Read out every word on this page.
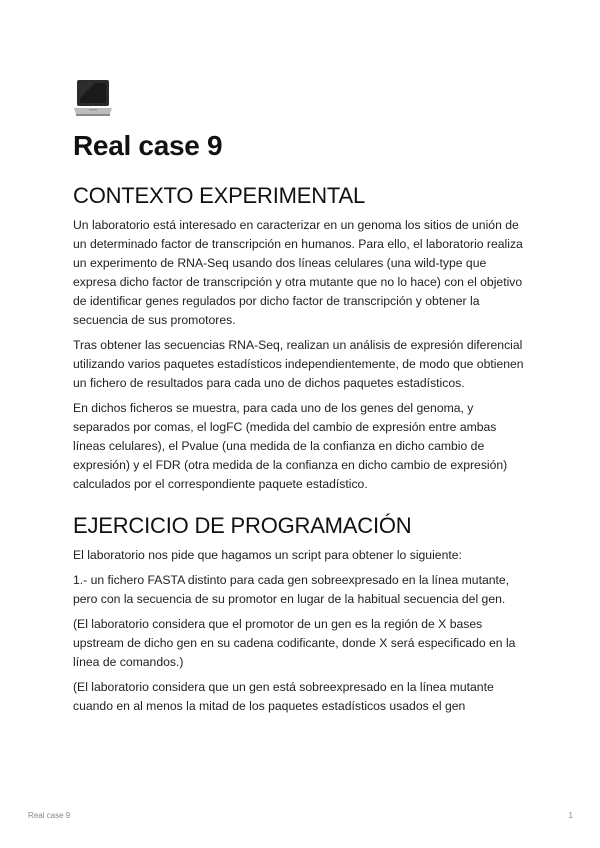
Real case 9
CONTEXTO EXPERIMENTAL

Un laboratorio está interesado en caracterizar en un genoma los sitios de unión de un determinado factor de transcripción en humanos. Para ello, el laboratorio realiza un experimento de RNA-Seq usando dos líneas celulares (una wild-type que expresa dicho factor de transcripción y otra mutante que no lo hace) con el objetivo de identificar genes regulados por dicho factor de transcripción y obtener la secuencia de sus promotores.

Tras obtener las secuencias RNA-Seq, realizan un análisis de expresión diferencial utilizando varios paquetes estadísticos independientemente, de modo que obtienen un fichero de resultados para cada uno de dichos paquetes estadísticos.

En dichos ficheros se muestra, para cada uno de los genes del genoma, y separados por comas, el logFC (medida del cambio de expresión entre ambas líneas celulares), el Pvalue (una medida de la confianza en dicho cambio de expresión) y el FDR (otra medida de la confianza en dicho cambio de expresión) calculados por el correspondiente paquete estadístico.

EJERCICIO DE PROGRAMACIÓN

El laboratorio nos pide que hagamos un script para obtener lo siguiente:

1.- un fichero FASTA distinto para cada gen sobreexpresado en la línea mutante, pero con la secuencia de su promotor en lugar de la habitual secuencia del gen.

(El laboratorio considera que el promotor de un gen es la región de X bases upstream de dicho gen en su cadena codificante, donde X será especificado en la línea de comandos.)

(El laboratorio considera que un gen está sobreexpresado en la línea mutante cuando en al menos la mitad de los paquetes estadísticos usados el gen

Real case 9	1
